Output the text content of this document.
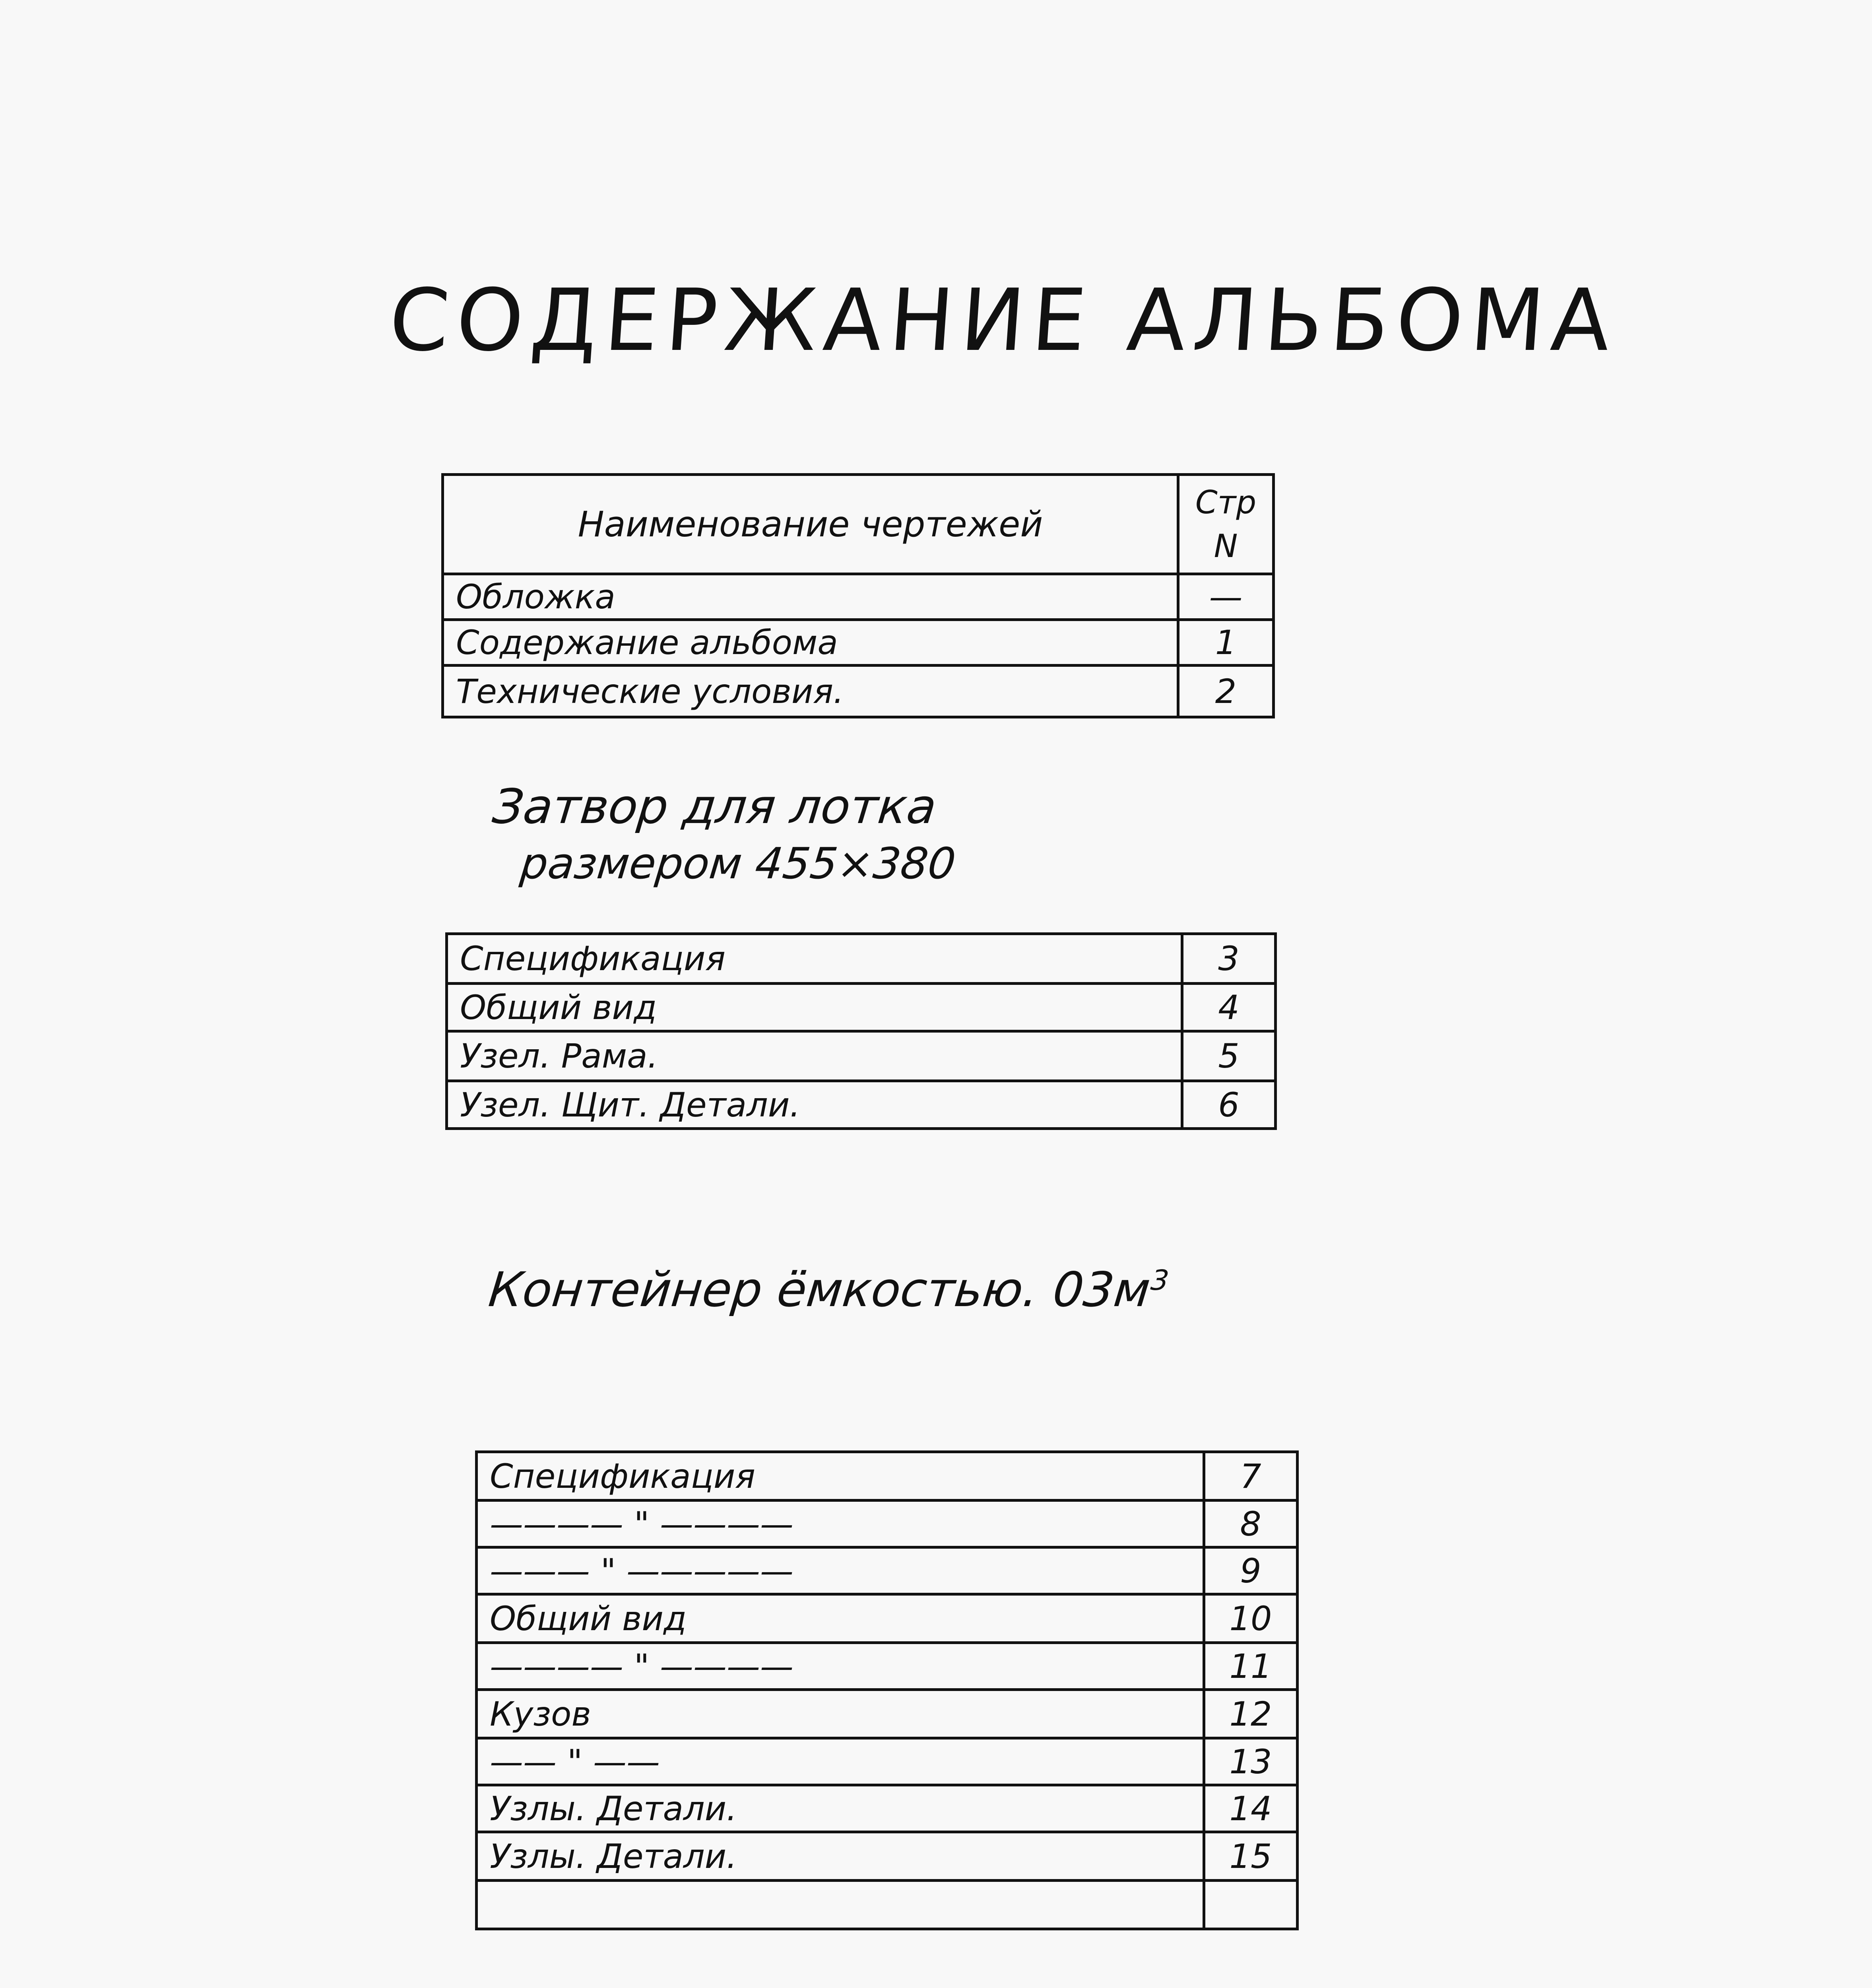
СОДЕРЖАНИЕ АЛЬБОМА
Наименование чертежей	Стр N
Обложка	—
Содержание альбома	1
Технические условия.	2
Затвор для лотка
размером 455×380
Спецификация	3
Общий вид	4
Узел. Рама.	5
Узел. Щит. Детали.	6
Контейнер ёмкостью. $03м^3$
Спецификация	7
———— " ————	8
——— " —————	9
Общий вид	10
———— " ————	11
Кузов	12
—— " ——	13
Узлы. Детали.	14
Узлы. Детали.	15
